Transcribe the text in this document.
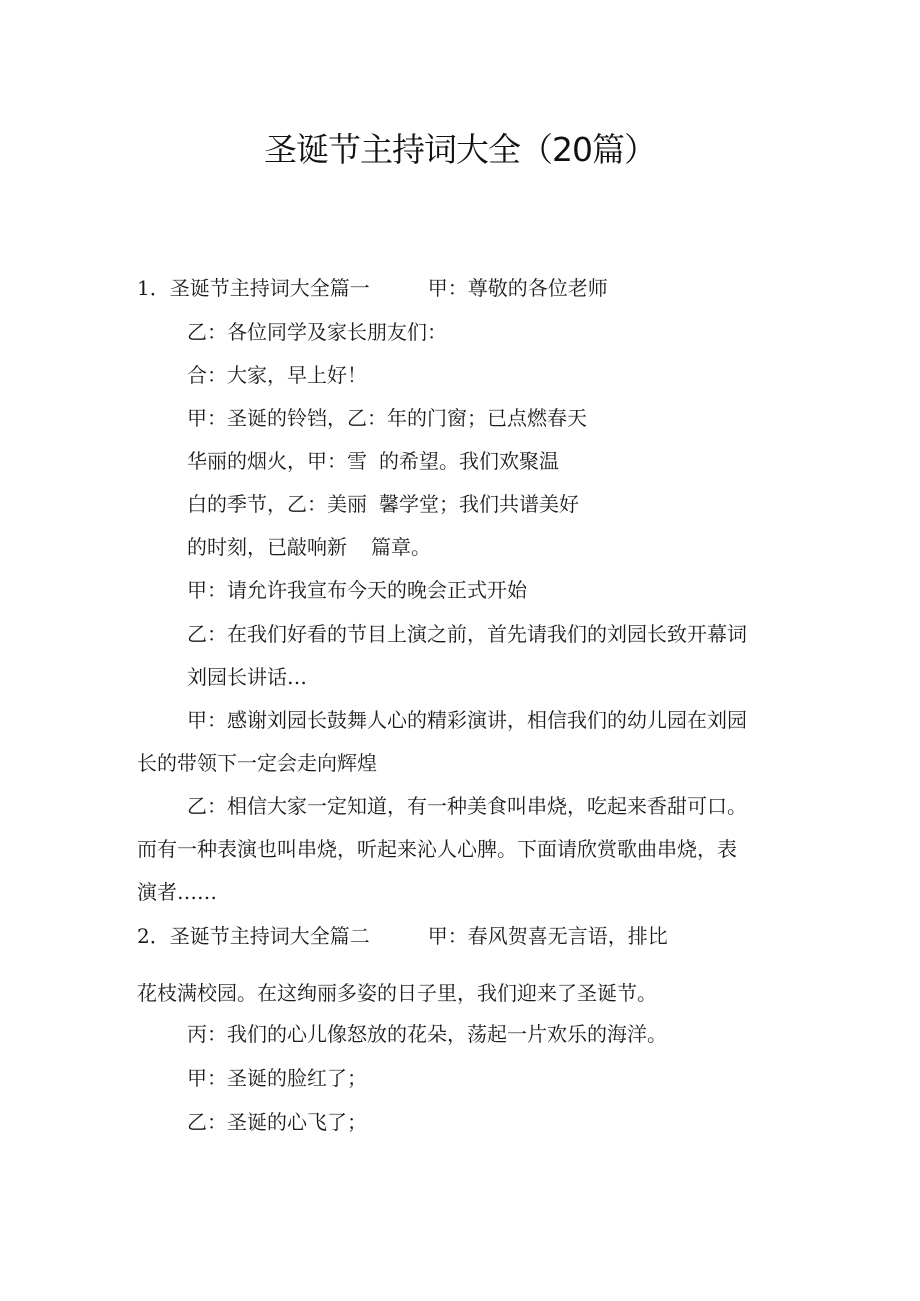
圣诞节主持词大全（20篇）
1．圣诞节主持词大全篇一	甲：尊敬的各位老师
乙：各位同学及家长朋友们：
合：大家，早上好！
甲：圣诞的铃铛，乙：年的门窗；已点燃春天
华丽的烟火，甲：雪 的希望。我们欢聚温
白的季节，乙：美丽 馨学堂；我们共谱美好
的时刻，已敲响新 篇章。
甲：请允许我宣布今天的晚会正式开始
乙：在我们好看的节目上演之前，首先请我们的刘园长致开幕词
刘园长讲话…
甲：感谢刘园长鼓舞人心的精彩演讲，相信我们的幼儿园在刘园
长的带领下一定会走向辉煌
乙：相信大家一定知道，有一种美食叫串烧，吃起来香甜可口。
而有一种表演也叫串烧，听起来沁人心脾。下面请欣赏歌曲串烧，表
演者……
2．圣诞节主持词大全篇二	甲：春风贺喜无言语，排比
花枝满校园。在这绚丽多姿的日子里，我们迎来了圣诞节。
丙：我们的心儿像怒放的花朵，荡起一片欢乐的海洋。
甲：圣诞的脸红了；
乙：圣诞的心飞了；
